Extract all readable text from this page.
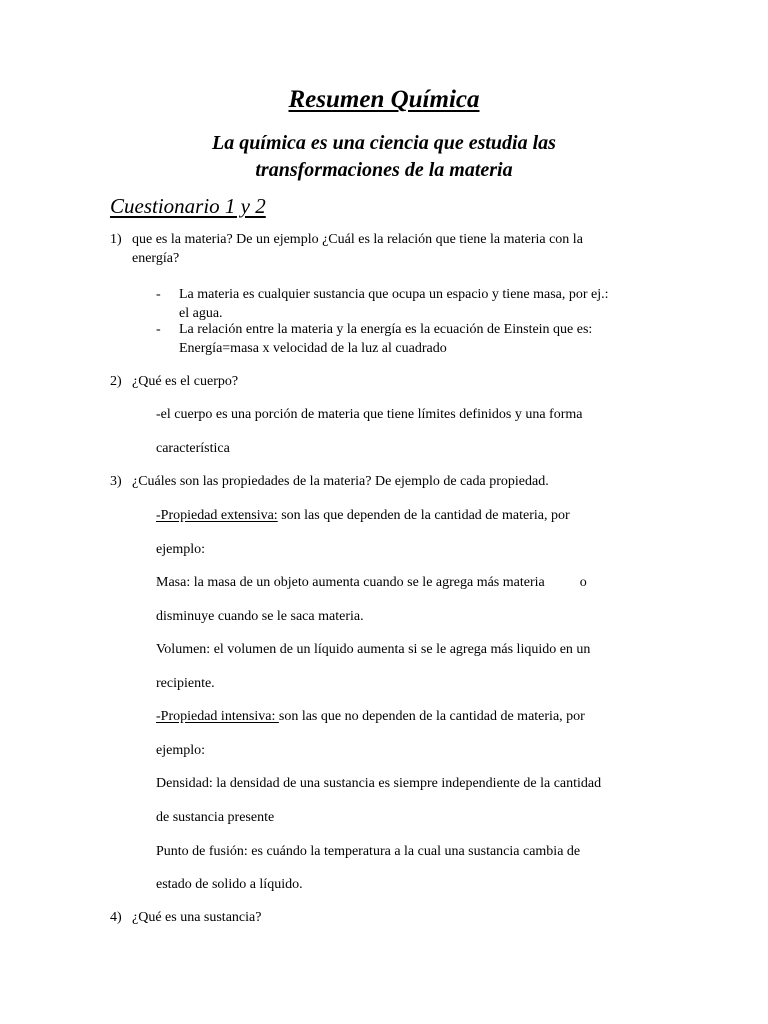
Resumen Química
La química es una ciencia que estudia las transformaciones de la materia
Cuestionario 1 y 2
1) que es la materia? De un ejemplo ¿Cuál es la relación que tiene la materia con la
energía?
- La materia es cualquier sustancia que ocupa un espacio y tiene masa, por ej.:
el agua.
- La relación entre la materia y la energía es la ecuación de Einstein que es:
Energía=masa x velocidad de la luz al cuadrado
2) ¿Qué es el cuerpo?
-el cuerpo es una porción de materia que tiene límites definidos y una forma
característica
3) ¿Cuáles son las propiedades de la materia? De ejemplo de cada propiedad.
-Propiedad extensiva: son las que dependen de la cantidad de materia, por
ejemplo:
Masa: la masa de un objeto aumenta cuando se le agrega más materia          o
disminuye cuando se le saca materia.
Volumen: el volumen de un líquido aumenta si se le agrega más liquido en un
recipiente.
-Propiedad intensiva: son las que no dependen de la cantidad de materia, por
ejemplo:
Densidad: la densidad de una sustancia es siempre independiente de la cantidad
de sustancia presente
Punto de fusión: es cuándo la temperatura a la cual una sustancia cambia de
estado de solido a líquido.
4) ¿Qué es una sustancia?
